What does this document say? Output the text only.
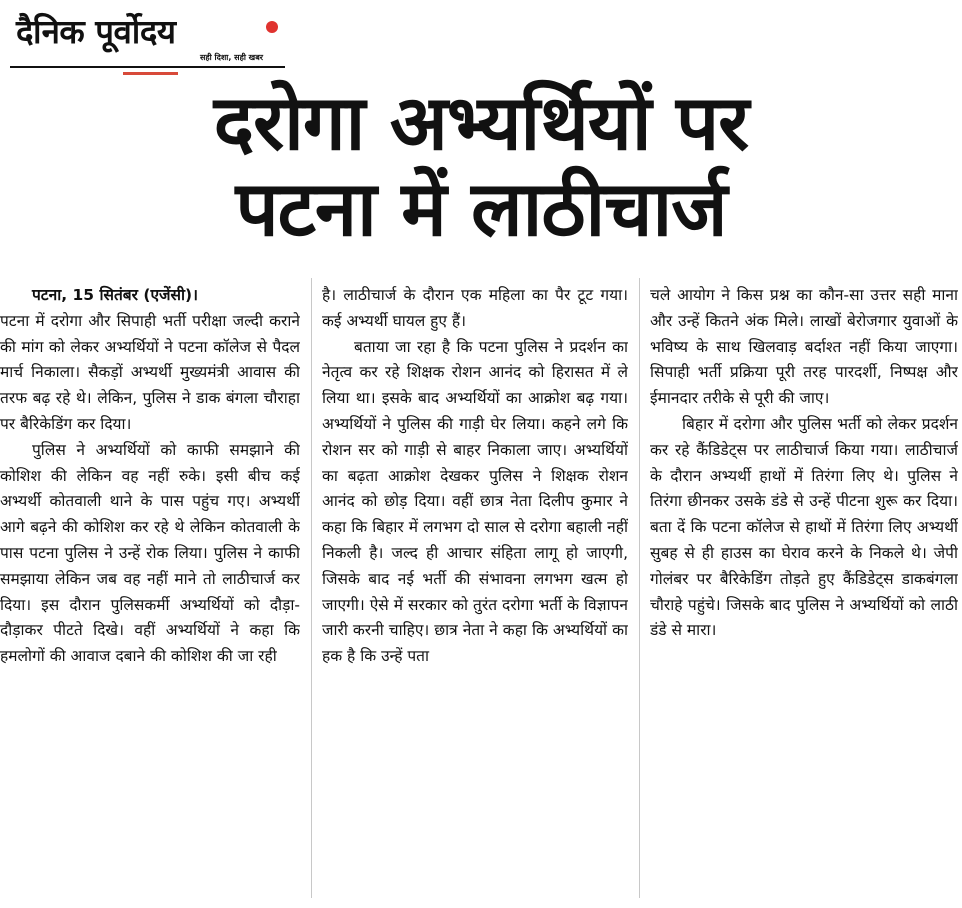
दैनिक पूर्वोदय
सही दिशा, सही खबर
दरोगा अभ्यर्थियों पर
पटना में लाठीचार्ज

पटना, 15 सितंबर (एजेंसी)।

पटना में दरोगा और सिपाही भर्ती परीक्षा जल्दी कराने की मांग को लेकर अभ्यर्थियों ने पटना कॉलेज से पैदल मार्च निकाला। सैकड़ों अभ्यर्थी मुख्यमंत्री आवास की तरफ बढ़ रहे थे। लेकिन, पुलिस ने डाक बंगला चौराहा पर बैरिकेडिंग कर दिया।

पुलिस ने अभ्यर्थियों को काफी समझाने की कोशिश की लेकिन वह नहीं रुके। इसी बीच कई अभ्यर्थी कोतवाली थाने के पास पहुंच गए। अभ्यर्थी आगे बढ़ने की कोशिश कर रहे थे लेकिन कोतवाली के पास पटना पुलिस ने उन्हें रोक लिया। पुलिस ने काफी समझाया लेकिन जब वह नहीं माने तो लाठीचार्ज कर दिया। इस दौरान पुलिसकर्मी अभ्यर्थियों को दौड़ा-दौड़ाकर पीटते दिखे। वहीं अभ्यर्थियों ने कहा कि हमलोगों की आवाज दबाने की कोशिश की जा रही

है। लाठीचार्ज के दौरान एक महिला का पैर टूट गया। कई अभ्यर्थी घायल हुए हैं।

बताया जा रहा है कि पटना पुलिस ने प्रदर्शन का नेतृत्व कर रहे शिक्षक रोशन आनंद को हिरासत में ले लिया था। इसके बाद अभ्यर्थियों का आक्रोश बढ़ गया। अभ्यर्थियों ने पुलिस की गाड़ी घेर लिया। कहने लगे कि रोशन सर को गाड़ी से बाहर निकाला जाए। अभ्यर्थियों का बढ़ता आक्रोश देखकर पुलिस ने शिक्षक रोशन आनंद को छोड़ दिया। वहीं छात्र नेता दिलीप कुमार ने कहा कि बिहार में लगभग दो साल से दरोगा बहाली नहीं निकली है। जल्द ही आचार संहिता लागू हो जाएगी, जिसके बाद नई भर्ती की संभावना लगभग खत्म हो जाएगी। ऐसे में सरकार को तुरंत दरोगा भर्ती के विज्ञापन जारी करनी चाहिए। छात्र नेता ने कहा कि अभ्यर्थियों का हक है कि उन्हें पता

चले आयोग ने किस प्रश्न का कौन-सा उत्तर सही माना और उन्हें कितने अंक मिले। लाखों बेरोजगार युवाओं के भविष्य के साथ खिलवाड़ बर्दाश्त नहीं किया जाएगा। सिपाही भर्ती प्रक्रिया पूरी तरह पारदर्शी, निष्पक्ष और ईमानदार तरीके से पूरी की जाए।

बिहार में दरोगा और पुलिस भर्ती को लेकर प्रदर्शन कर रहे कैंडिडेट्स पर लाठीचार्ज किया गया। लाठीचार्ज के दौरान अभ्यर्थी हाथों में तिरंगा लिए थे। पुलिस ने तिरंगा छीनकर उसके डंडे से उन्हें पीटना शुरू कर दिया। बता दें कि पटना कॉलेज से हाथों में तिरंगा लिए अभ्यर्थी सुबह से ही हाउस का घेराव करने के निकले थे। जेपी गोलंबर पर बैरिकेडिंग तोड़ते हुए कैंडिडेट्स डाकबंगला चौराहे पहुंचे। जिसके बाद पुलिस ने अभ्यर्थियों को लाठी डंडे से मारा।
